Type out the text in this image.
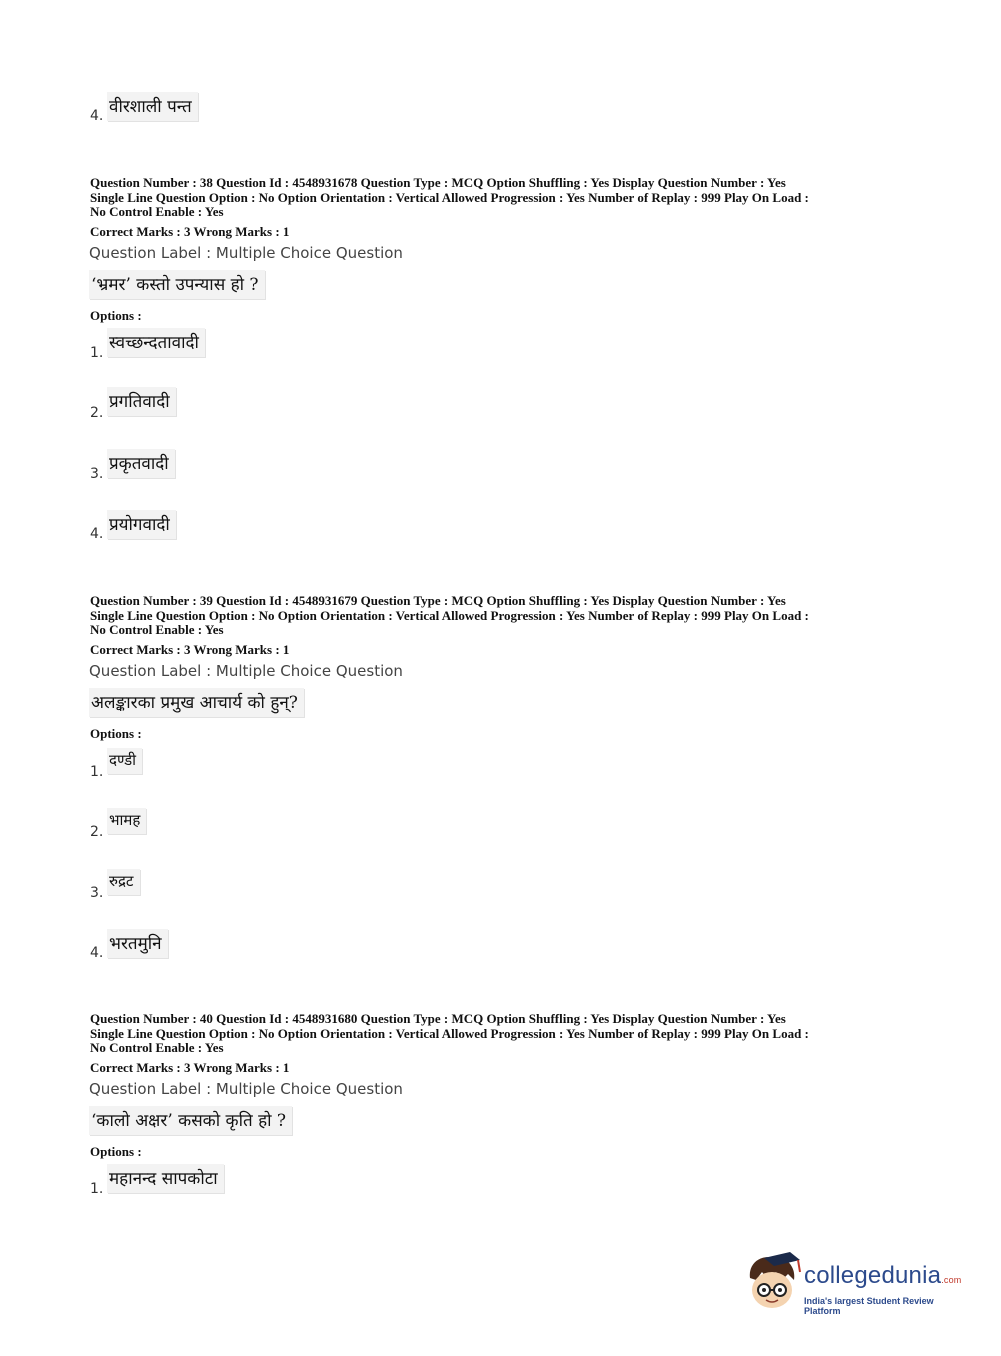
4. वीरशाली पन्त
Question Number : 38 Question Id : 4548931678 Question Type : MCQ Option Shuffling : Yes Display Question Number : Yes
Single Line Question Option : No Option Orientation : Vertical Allowed Progression : Yes Number of Replay : 999 Play On Load :
No Control Enable : Yes
Correct Marks : 3 Wrong Marks : 1
Question Label : Multiple Choice Question
‘भ्रमर’ कस्तो उपन्यास हो ?
Options :
1. स्वच्छन्दतावादी
2.
प्रगतिवादी
3. प्रकृतवादी
4. प्रयोगवादी
Question Number : 39 Question Id : 4548931679 Question Type : MCQ Option Shuffling : Yes Display Question Number : Yes
Single Line Question Option : No Option Orientation : Vertical Allowed Progression : Yes Number of Replay : 999 Play On Load :
No Control Enable : Yes
Correct Marks : 3 Wrong Marks : 1
Question Label : Multiple Choice Question
अलङ्कारका प्रमुख आचार्य को हुन्?
Options :
1.
दण्डी
2.
भामह
3.
रुद्रट
4. भरतमुनि
Question Number : 40 Question Id : 4548931680 Question Type : MCQ Option Shuffling : Yes Display Question Number : Yes
Single Line Question Option : No Option Orientation : Vertical Allowed Progression : Yes Number of Replay : 999 Play On Load :
No Control Enable : Yes
Correct Marks : 3 Wrong Marks : 1
Question Label : Multiple Choice Question
‘कालो अक्षर’ कसको कृति हो ?
Options :
1. महानन्द सापकोटा
collegedunia.com
India's largest Student Review Platform
